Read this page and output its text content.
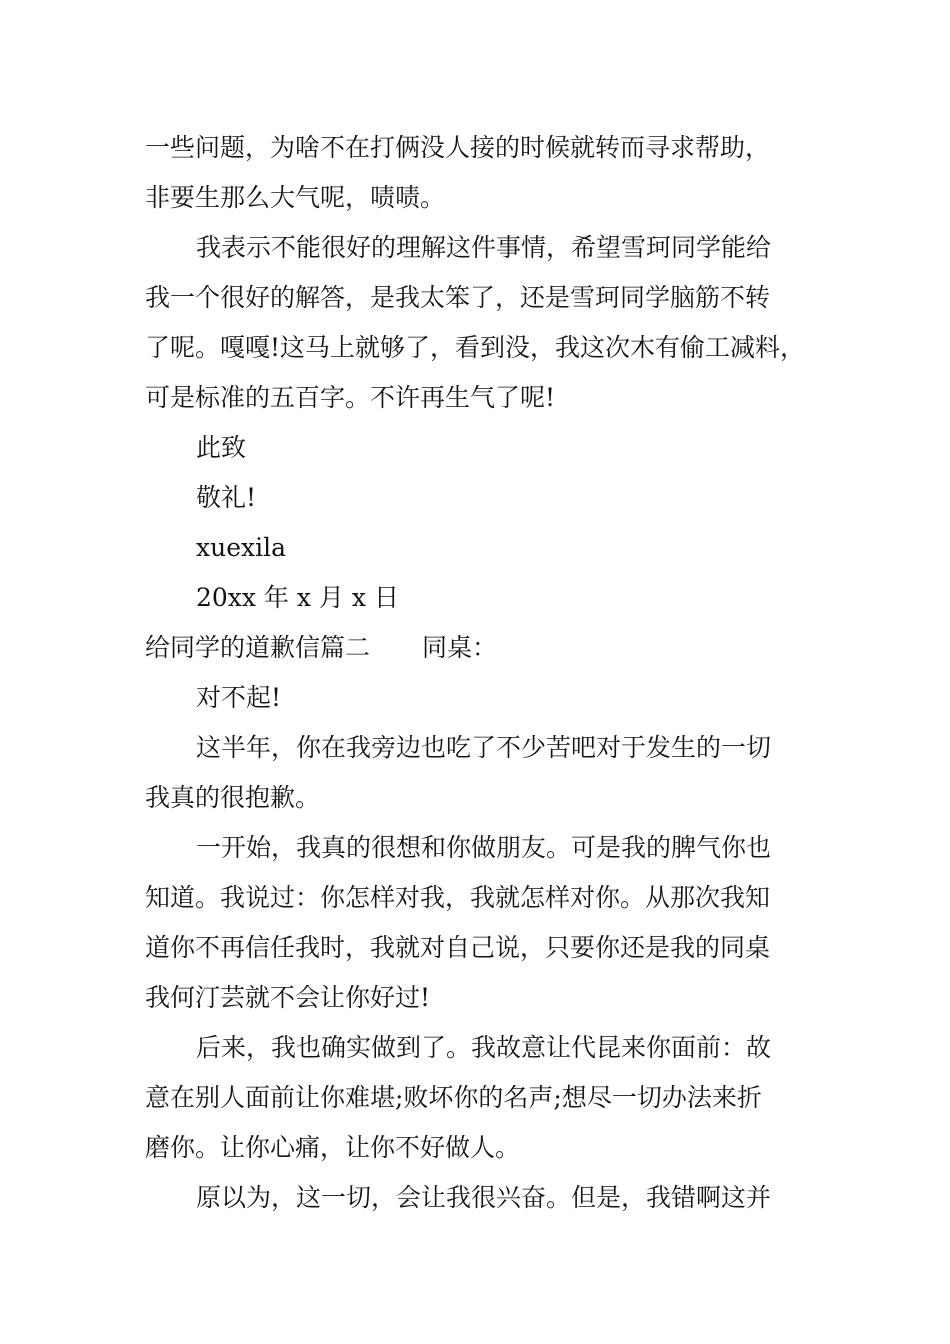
一些问题，为啥不在打俩没人接的时候就转而寻求帮助，
非要生那么大气呢，啧啧。
我表示不能很好的理解这件事情，希望雪珂同学能给
我一个很好的解答，是我太笨了，还是雪珂同学脑筋不转
了呢。嘎嘎!这马上就够了，看到没，我这次木有偷工减料，
可是标准的五百字。不许再生气了呢!
此致
敬礼!
xuexila
20xx 年 x 月 x 日
给同学的道歉信篇二 同桌：
对不起!
这半年，你在我旁边也吃了不少苦吧对于发生的一切
我真的很抱歉。
一开始，我真的很想和你做朋友。可是我的脾气你也
知道。我说过：你怎样对我，我就怎样对你。从那次我知
道你不再信任我时，我就对自己说，只要你还是我的同桌
我何汀芸就不会让你好过!
后来，我也确实做到了。我故意让代昆来你面前：故
意在别人面前让你难堪;败坏你的名声;想尽一切办法来折
磨你。让你心痛，让你不好做人。
原以为，这一切，会让我很兴奋。但是，我错啊这并
